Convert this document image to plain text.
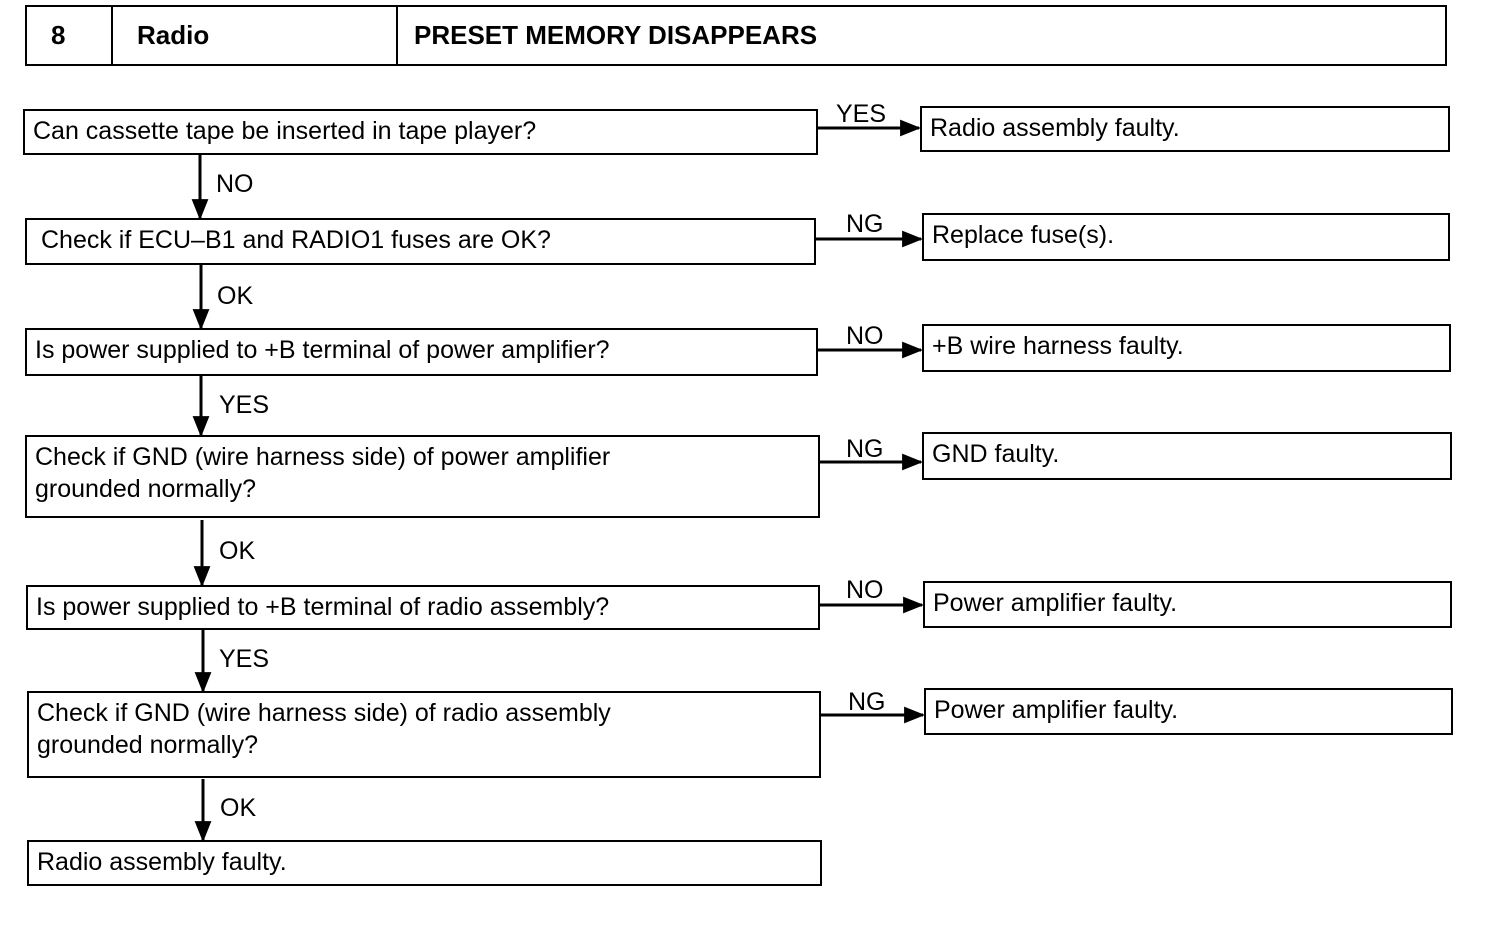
8	Radio	PRESET MEMORY DISAPPEARS
Can cassette tape be inserted in tape player?	Radio assembly faulty.
YES
NO
Check if ECU–B1 and RADIO1 fuses are OK?	Replace fuse(s).
NG
OK
Is power supplied to +B terminal of power amplifier?	+B wire harness faulty.
NO
YES
Check if GND (wire harness side) of power amplifier grounded normally?
GND faulty.
NG
OK
Is power supplied to +B terminal of radio assembly?	Power amplifier faulty.
NO
YES
Check if GND (wire harness side) of radio assembly grounded normally?
Power amplifier faulty.
NG
OK
Radio assembly faulty.
